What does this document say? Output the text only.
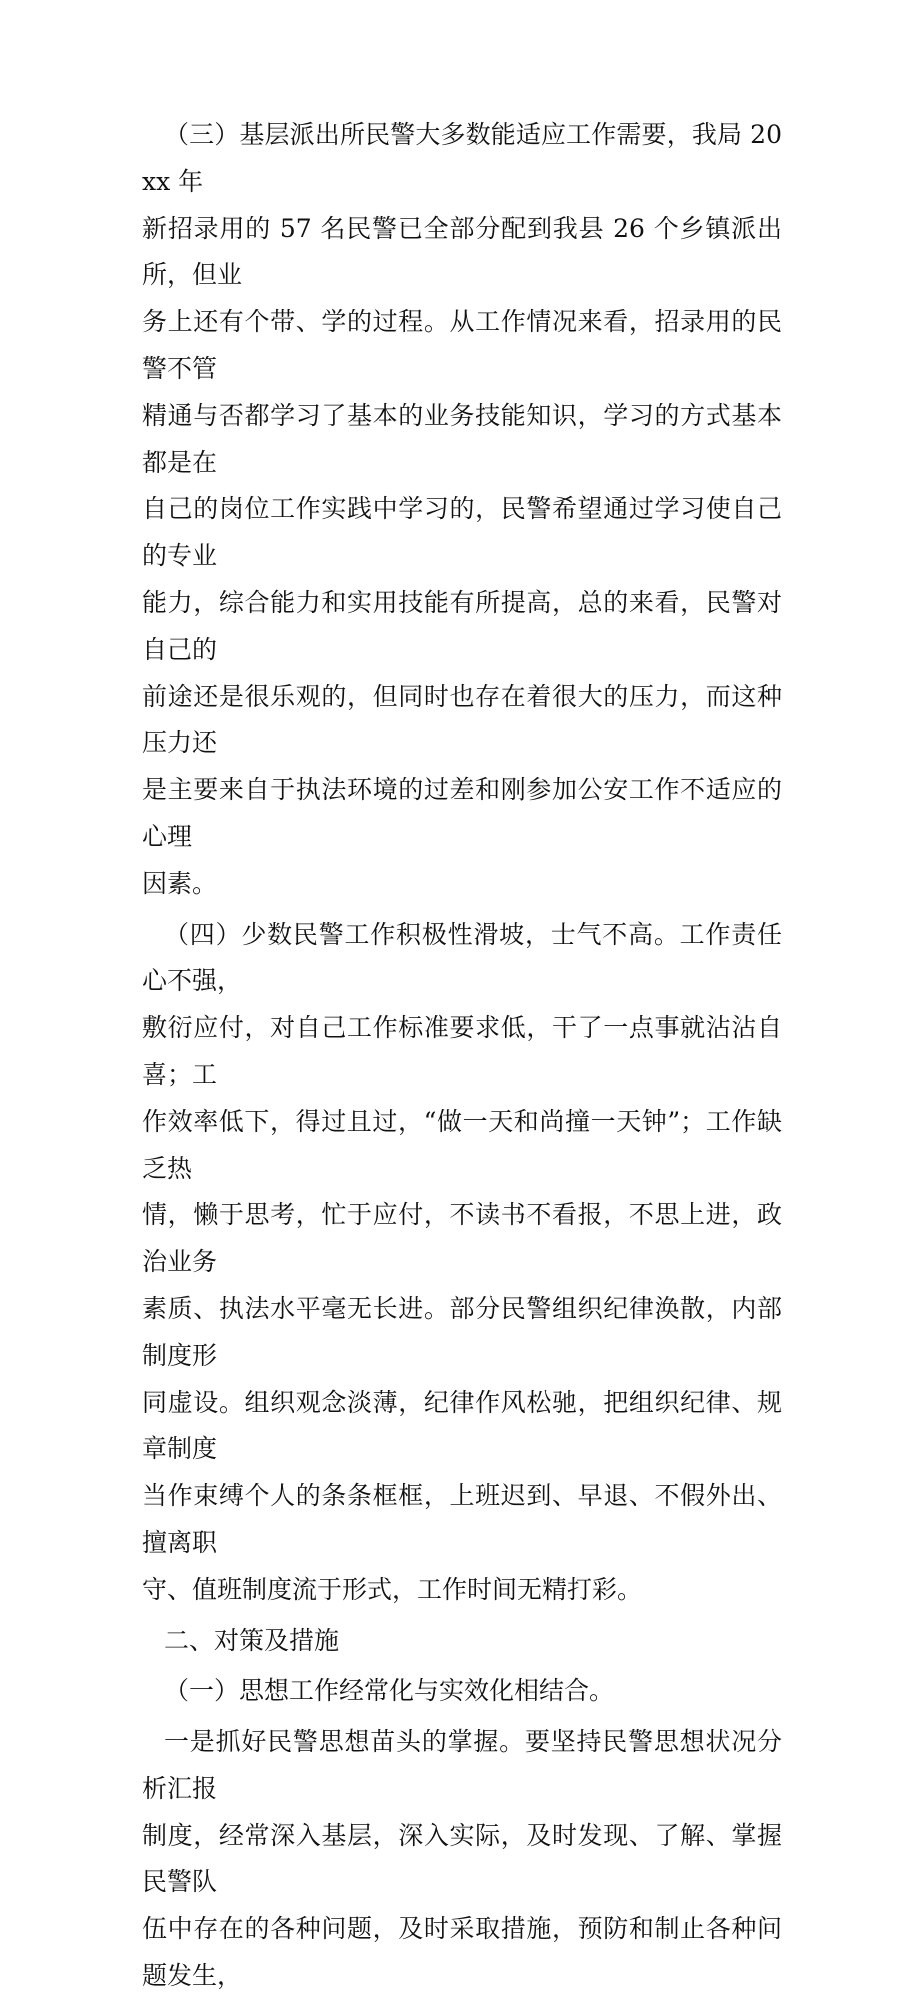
（三）基层派出所民警大多数能适应工作需要，我局 20xx 年
新招录用的 57 名民警已全部分配到我县 26 个乡镇派出所，但业
务上还有个带、学的过程。从工作情况来看，招录用的民警不管
精通与否都学习了基本的业务技能知识，学习的方式基本都是在
自己的岗位工作实践中学习的，民警希望通过学习使自己的专业
能力，综合能力和实用技能有所提高，总的来看，民警对自己的
前途还是很乐观的，但同时也存在着很大的压力，而这种压力还
是主要来自于执法环境的过差和刚参加公安工作不适应的心理
因素。
（四）少数民警工作积极性滑坡，士气不高。工作责任心不强，
敷衍应付，对自己工作标准要求低，干了一点事就沾沾自喜；工
作效率低下，得过且过，“做一天和尚撞一天钟”；工作缺乏热
情，懒于思考，忙于应付，不读书不看报，不思上进，政治业务
素质、执法水平毫无长进。部分民警组织纪律涣散，内部制度形
同虚设。组织观念淡薄，纪律作风松驰，把组织纪律、规章制度
当作束缚个人的条条框框，上班迟到、早退、不假外出、擅离职
守、值班制度流于形式，工作时间无精打彩。
二、对策及措施
（一）思想工作经常化与实效化相结合。
一是抓好民警思想苗头的掌握。要坚持民警思想状况分析汇报
制度，经常深入基层，深入实际，及时发现、了解、掌握民警队
伍中存在的各种问题，及时采取措施，预防和制止各种问题发生，
